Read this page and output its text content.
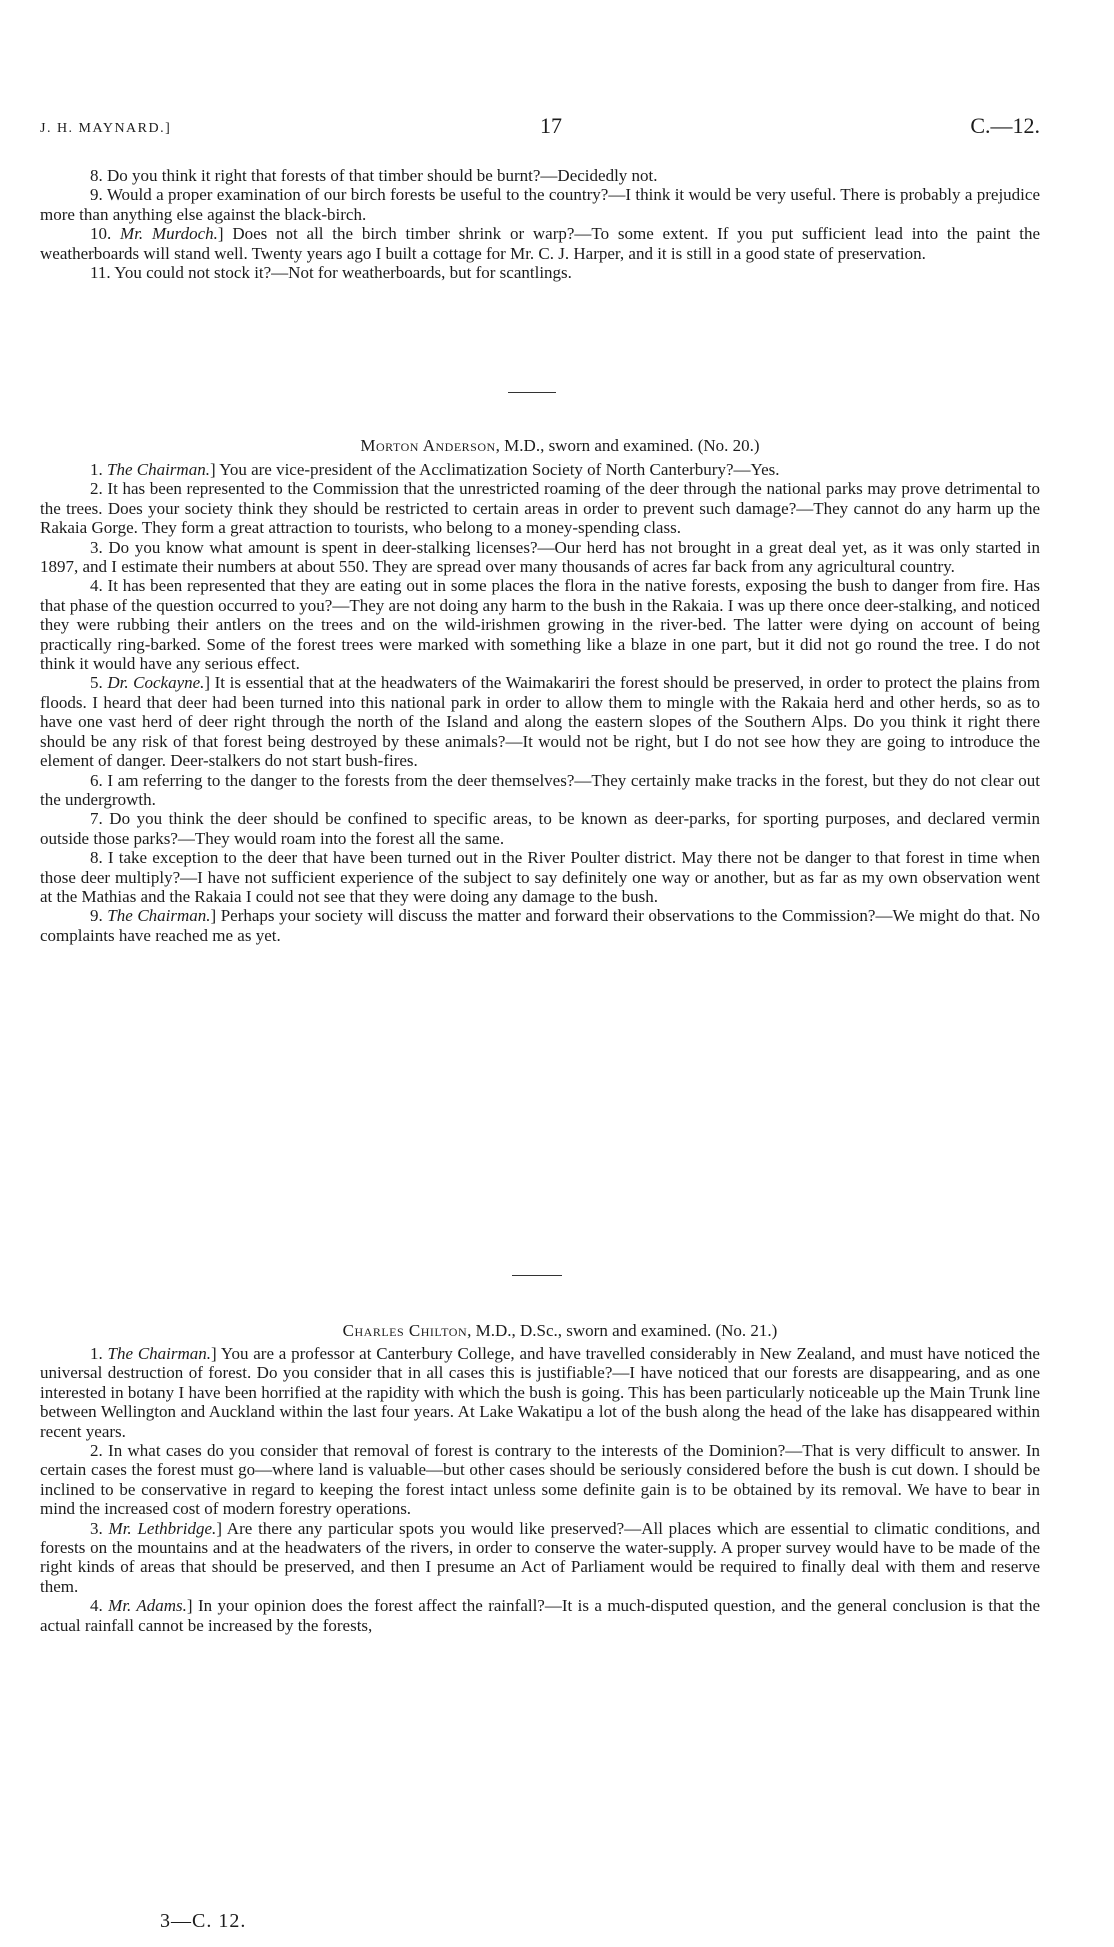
J. H. MAYNARD.]	17	C.—12.

8. Do you think it right that forests of that timber should be burnt?—Decidedly not.

9. Would a proper examination of our birch forests be useful to the country?—I think it would be very useful. There is probably a prejudice more than anything else against the black-birch.

10. Mr. Murdoch.] Does not all the birch timber shrink or warp?—To some extent. If you put sufficient lead into the paint the weatherboards will stand well. Twenty years ago I built a cottage for Mr. C. J. Harper, and it is still in a good state of preservation.

11. You could not stock it?—Not for weatherboards, but for scantlings.

Morton Anderson, M.D., sworn and examined. (No. 20.)

1. The Chairman.] You are vice-president of the Acclimatization Society of North Canterbury?—Yes.

2. It has been represented to the Commission that the unrestricted roaming of the deer through the national parks may prove detrimental to the trees. Does your society think they should be restricted to certain areas in order to prevent such damage?—They cannot do any harm up the Rakaia Gorge. They form a great attraction to tourists, who belong to a money-spending class.

3. Do you know what amount is spent in deer-stalking licenses?—Our herd has not brought in a great deal yet, as it was only started in 1897, and I estimate their numbers at about 550. They are spread over many thousands of acres far back from any agricultural country.

4. It has been represented that they are eating out in some places the flora in the native forests, exposing the bush to danger from fire. Has that phase of the question occurred to you?—They are not doing any harm to the bush in the Rakaia. I was up there once deer-stalking, and noticed they were rubbing their antlers on the trees and on the wild-irishmen growing in the river-bed. The latter were dying on account of being practically ring-barked. Some of the forest trees were marked with something like a blaze in one part, but it did not go round the tree. I do not think it would have any serious effect.

5. Dr. Cockayne.] It is essential that at the headwaters of the Waimakariri the forest should be preserved, in order to protect the plains from floods. I heard that deer had been turned into this national park in order to allow them to mingle with the Rakaia herd and other herds, so as to have one vast herd of deer right through the north of the Island and along the eastern slopes of the Southern Alps. Do you think it right there should be any risk of that forest being destroyed by these animals?—It would not be right, but I do not see how they are going to introduce the element of danger. Deer-stalkers do not start bush-fires.

6. I am referring to the danger to the forests from the deer themselves?—They certainly make tracks in the forest, but they do not clear out the undergrowth.

7. Do you think the deer should be confined to specific areas, to be known as deer-parks, for sporting purposes, and declared vermin outside those parks?—They would roam into the forest all the same.

8. I take exception to the deer that have been turned out in the River Poulter district. May there not be danger to that forest in time when those deer multiply?—I have not sufficient experience of the subject to say definitely one way or another, but as far as my own observation went at the Mathias and the Rakaia I could not see that they were doing any damage to the bush.

9. The Chairman.] Perhaps your society will discuss the matter and forward their observations to the Commission?—We might do that. No complaints have reached me as yet.

Charles Chilton, M.D., D.Sc., sworn and examined. (No. 21.)

1. The Chairman.] You are a professor at Canterbury College, and have travelled considerably in New Zealand, and must have noticed the universal destruction of forest. Do you consider that in all cases this is justifiable?—I have noticed that our forests are disappearing, and as one interested in botany I have been horrified at the rapidity with which the bush is going. This has been particularly noticeable up the Main Trunk line between Wellington and Auckland within the last four years. At Lake Wakatipu a lot of the bush along the head of the lake has disappeared within recent years.

2. In what cases do you consider that removal of forest is contrary to the interests of the Dominion?—That is very difficult to answer. In certain cases the forest must go—where land is valuable—but other cases should be seriously considered before the bush is cut down. I should be inclined to be conservative in regard to keeping the forest intact unless some definite gain is to be obtained by its removal. We have to bear in mind the increased cost of modern forestry operations.

3. Mr. Lethbridge.] Are there any particular spots you would like preserved?—All places which are essential to climatic conditions, and forests on the mountains and at the headwaters of the rivers, in order to conserve the water-supply. A proper survey would have to be made of the right kinds of areas that should be preserved, and then I presume an Act of Parliament would be required to finally deal with them and reserve them.

4. Mr. Adams.] In your opinion does the forest affect the rainfall?—It is a much-disputed question, and the general conclusion is that the actual rainfall cannot be increased by the forests,

3—C. 12.
